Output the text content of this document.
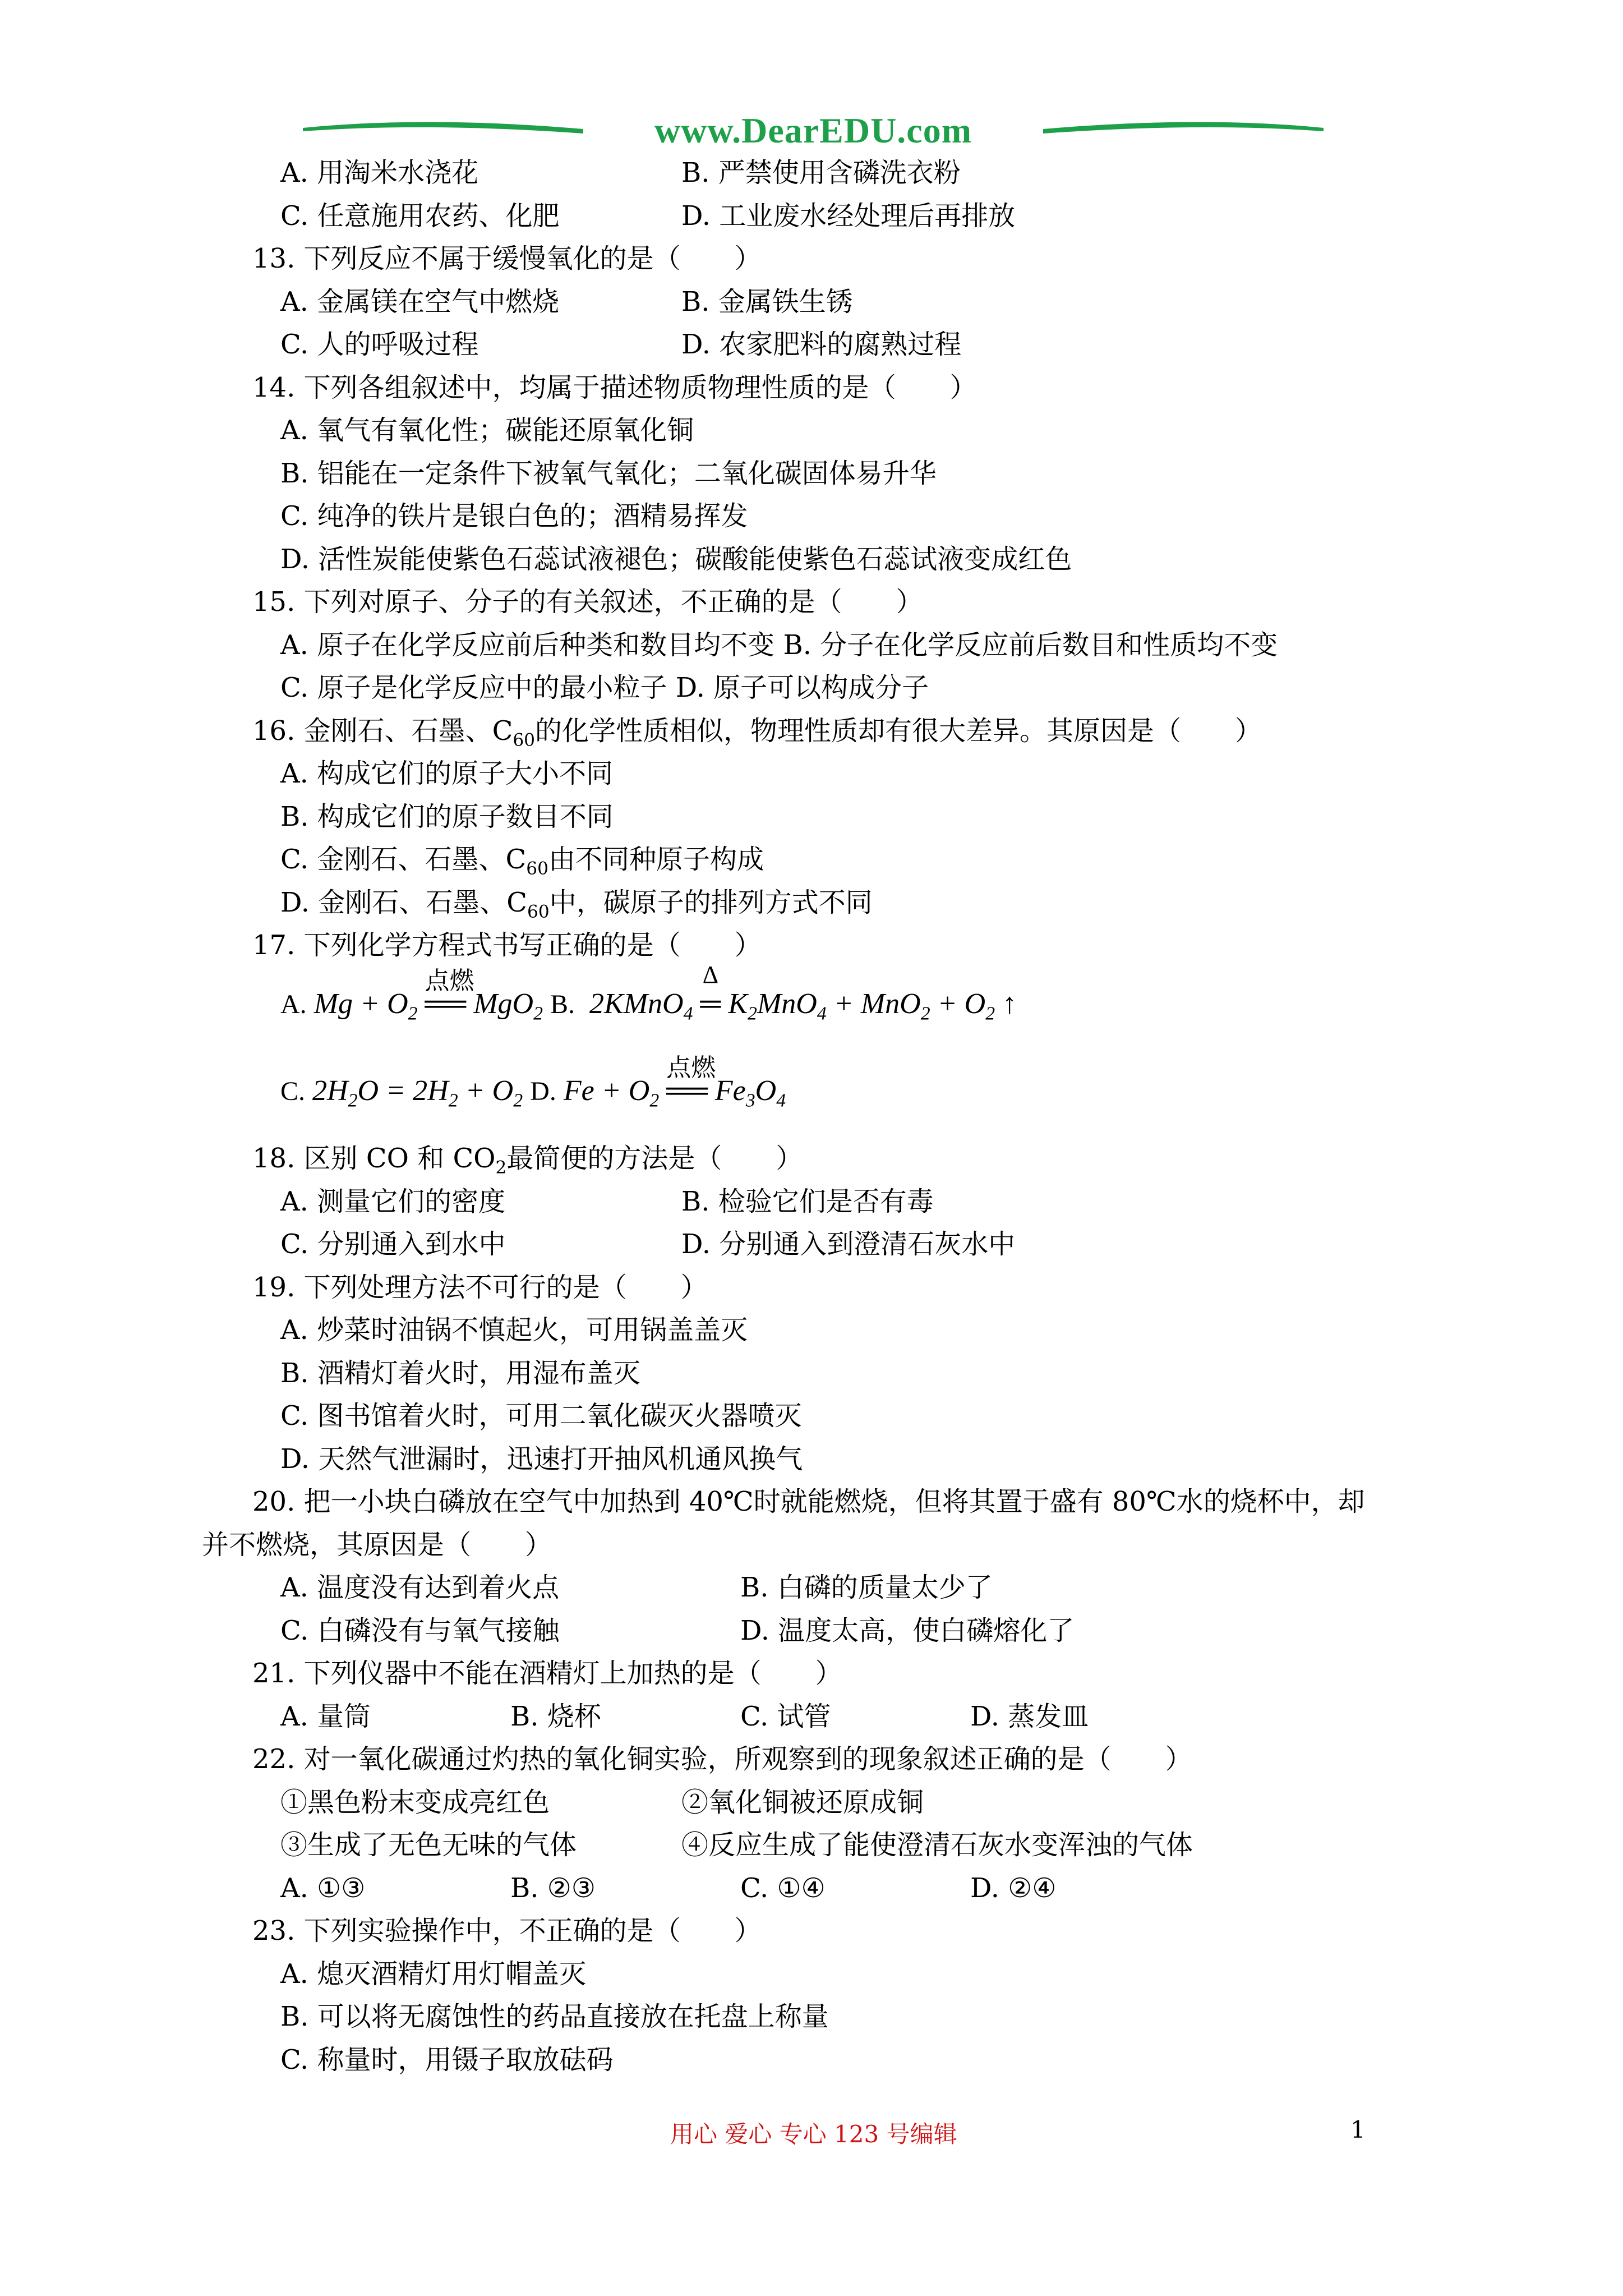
www.DearEDU.com
A. 用淘米水浇花	B. 严禁使用含磷洗衣粉
C. 任意施用农药、化肥	D. 工业废水经处理后再排放
13. 下列反应不属于缓慢氧化的是（　　）
A. 金属镁在空气中燃烧	B. 金属铁生锈
C. 人的呼吸过程	D. 农家肥料的腐熟过程
14. 下列各组叙述中，均属于描述物质物理性质的是（　　）
A. 氧气有氧化性；碳能还原氧化铜
B. 铝能在一定条件下被氧气氧化；二氧化碳固体易升华
C. 纯净的铁片是银白色的；酒精易挥发
D. 活性炭能使紫色石蕊试液褪色；碳酸能使紫色石蕊试液变成红色
15. 下列对原子、分子的有关叙述，不正确的是（　　）
A. 原子在化学反应前后种类和数目均不变 B. 分子在化学反应前后数目和性质均不变
C. 原子是化学反应中的最小粒子 D. 原子可以构成分子
16. 金刚石、石墨、$C_{60}$的化学性质相似，物理性质却有很大差异。其原因是（　　）
A. 构成它们的原子大小不同
B. 构成它们的原子数目不同
C. 金刚石、石墨、$C_{60}$由不同种原子构成
D. 金刚石、石墨、$C_{60}$中，碳原子的排列方式不同
17. 下列化学方程式书写正确的是（　　）
A. $Mg + O_2$
点燃
══ MgO$_2$ B. 2KMnO$_4$
Δ
═ $K_2MnO_4 + MnO_2 + O_2$ ↑
C. $2H_2O = 2H_2 + O_2$ D. $Fe + O_2$
点燃
══ $Fe_3O_4$
18. 区别 CO 和 $CO_2$最简便的方法是（　　）
A. 测量它们的密度	B. 检验它们是否有毒
C. 分别通入到水中	D. 分别通入到澄清石灰水中
19. 下列处理方法不可行的是（　　）
A. 炒菜时油锅不慎起火，可用锅盖盖灭
B. 酒精灯着火时，用湿布盖灭
C. 图书馆着火时，可用二氧化碳灭火器喷灭
D. 天然气泄漏时，迅速打开抽风机通风换气
20. 把一小块白磷放在空气中加热到 40℃时就能燃烧，但将其置于盛有 80℃水的烧杯中，却
并不燃烧，其原因是（　　）
A. 温度没有达到着火点	B. 白磷的质量太少了
C. 白磷没有与氧气接触	D. 温度太高，使白磷熔化了
21. 下列仪器中不能在酒精灯上加热的是（　　）
A. 量筒	B. 烧杯	C. 试管	D. 蒸发皿
22. 对一氧化碳通过灼热的氧化铜实验，所观察到的现象叙述正确的是（　　）
①黑色粉末变成亮红色	②氧化铜被还原成铜
③生成了无色无味的气体	④反应生成了能使澄清石灰水变浑浊的气体
A. ①③	B. ②③	C. ①④	D. ②④
23. 下列实验操作中，不正确的是（　　）
A. 熄灭酒精灯用灯帽盖灭
B. 可以将无腐蚀性的药品直接放在托盘上称量
C. 称量时，用镊子取放砝码
用心 爱心 专心 123 号编辑	1
